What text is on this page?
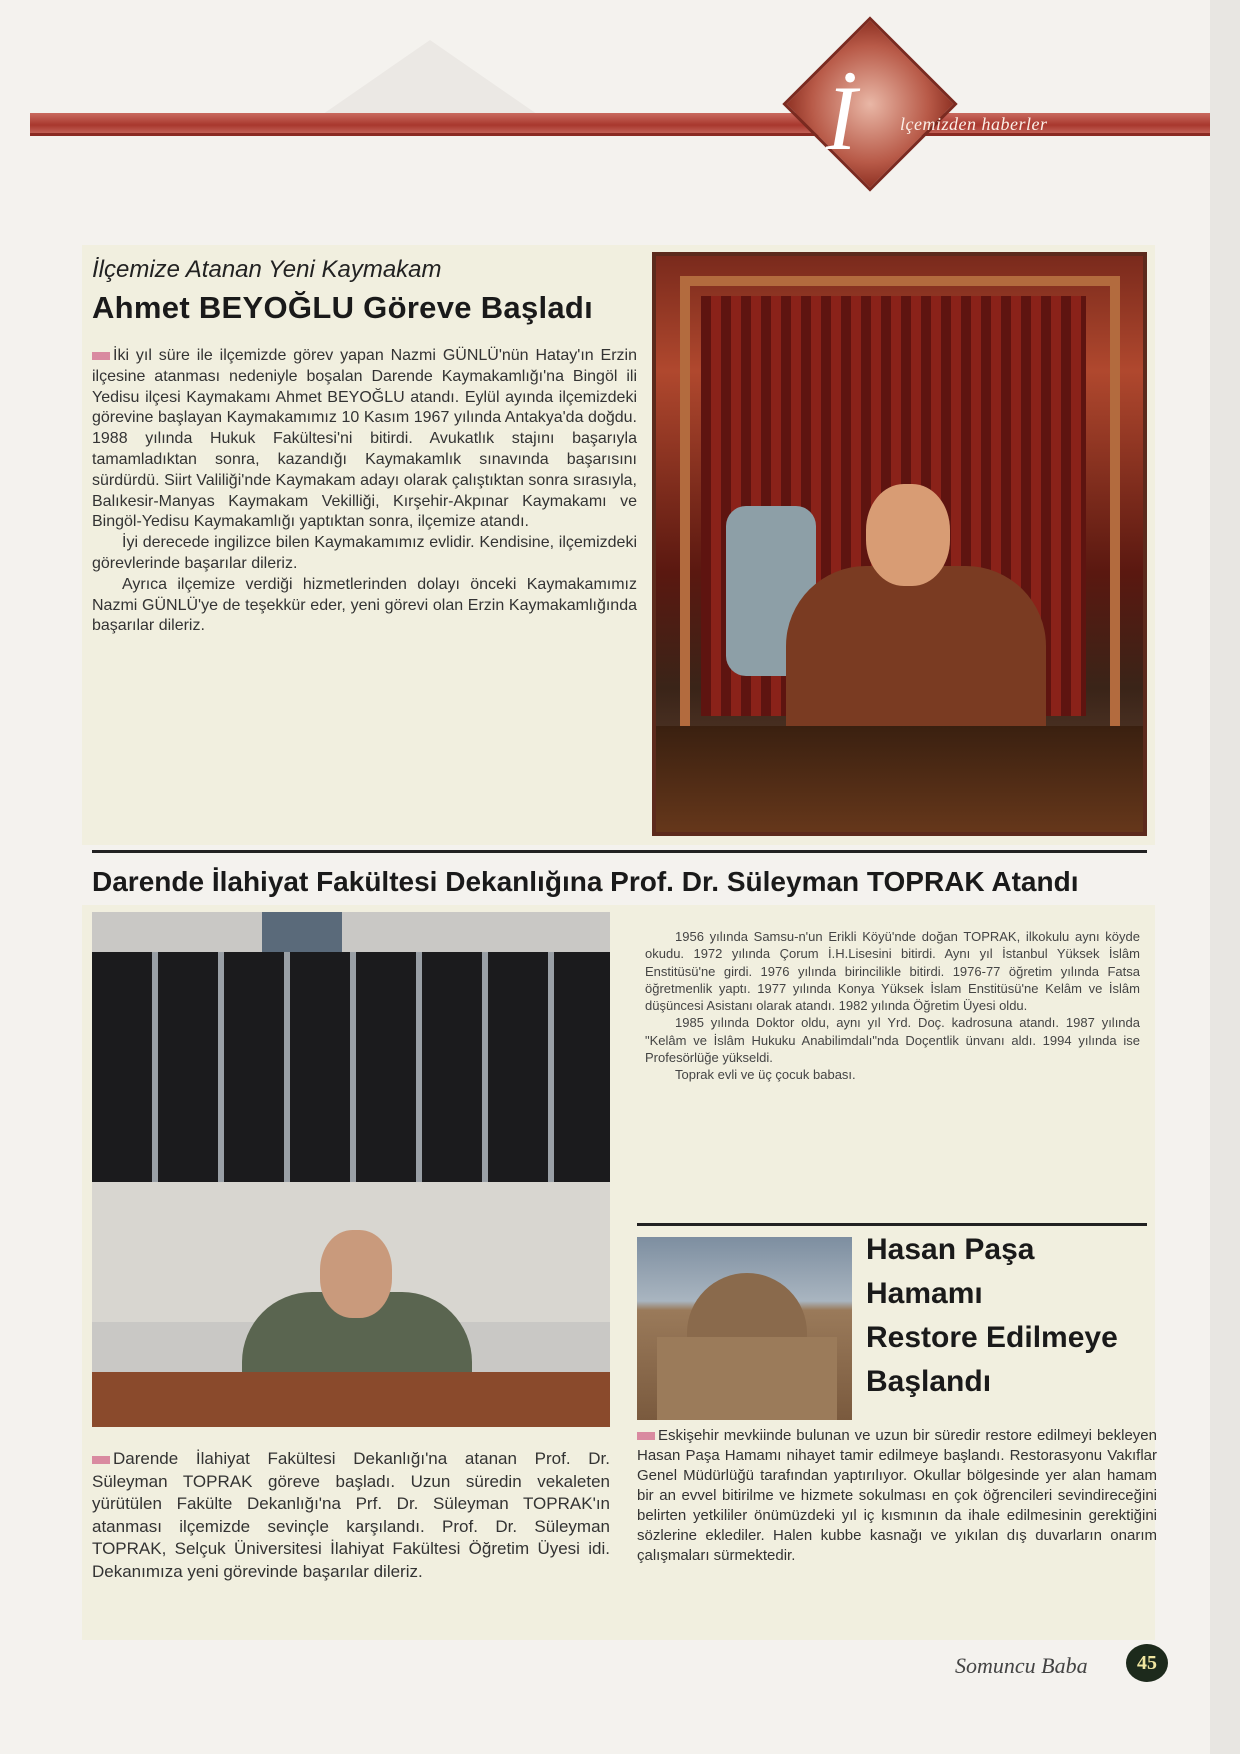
İ lçemizden haberler
İlçemize Atanan Yeni Kaymakam
Ahmet BEYOĞLU Göreve Başladı

İki yıl süre ile ilçemizde görev yapan Nazmi GÜNLÜ'nün Hatay'ın Erzin ilçesine atanması nedeniyle boşalan Darende Kaymakamlığı'na Bingöl ili Yedisu ilçesi Kaymakamı Ahmet BEYOĞLU atandı. Eylül ayında ilçemizdeki görevine başlayan Kaymakamımız 10 Kasım 1967 yılında Antakya'da doğdu. 1988 yılında Hukuk Fakültesi'ni bitirdi. Avukatlık stajını başarıyla tamamladıktan sonra, kazandığı Kaymakamlık sınavında başarısını sürdürdü. Siirt Valiliği'nde Kaymakam adayı olarak çalıştıktan sonra sırasıyla, Balıkesir-Manyas Kaymakam Vekilliği, Kırşehir-Akpınar Kaymakamı ve Bingöl-Yedisu Kaymakamlığı yaptıktan sonra, ilçemize atandı.

İyi derecede ingilizce bilen Kaymakamımız evlidir. Kendisine, ilçemizdeki görevlerinde başarılar dileriz.

Ayrıca ilçemize verdiği hizmetlerinden dolayı önceki Kaymakamımız Nazmi GÜNLÜ'ye de teşekkür eder, yeni görevi olan Erzin Kaymakamlığında başarılar dileriz.

Darende İlahiyat Fakültesi Dekanlığına Prof. Dr. Süleyman TOPRAK Atandı

1956 yılında Samsu-n'un Erikli Köyü'nde doğan TOPRAK, ilkokulu aynı köyde okudu. 1972 yılında Çorum İ.H.Lisesini bitirdi. Aynı yıl İstanbul Yüksek İslâm Enstitüsü'ne girdi. 1976 yılında birincilikle bitirdi. 1976-77 öğretim yılında Fatsa öğretmenlik yaptı. 1977 yılında Konya Yüksek İslam Enstitüsü'ne Kelâm ve İslâm düşüncesi Asistanı olarak atandı. 1982 yılında Öğretim Üyesi oldu.

1985 yılında Doktor oldu, aynı yıl Yrd. Doç. kadrosuna atandı. 1987 yılında "Kelâm ve İslâm Hukuku Anabilimdalı"nda Doçentlik ünvanı aldı. 1994 yılında ise Profesörlüğe yükseldi.

Toprak evli ve üç çocuk babası.

Darende İlahiyat Fakültesi Dekanlığı'na atanan Prof. Dr. Süleyman TOPRAK göreve başladı. Uzun süredin vekaleten yürütülen Fakülte Dekanlığı'na Prf. Dr. Süleyman TOPRAK'ın atanması ilçemizde sevinçle karşılandı. Prof. Dr. Süleyman TOPRAK, Selçuk Üniversitesi İlahiyat Fakültesi Öğretim Üyesi idi. Dekanımıza yeni görevinde başarılar dileriz.

Hasan Paşa
Hamamı
Restore Edilmeye
Başlandı

Eskişehir mevkiinde bulunan ve uzun bir süredir restore edilmeyi bekleyen Hasan Paşa Hamamı nihayet tamir edilmeye başlandı. Restorasyonu Vakıflar Genel Müdürlüğü tarafından yaptırılıyor. Okullar bölgesinde yer alan hamam bir an evvel bitirilme ve hizmete sokulması en çok öğrencileri sevindireceğini belirten yetkililer önümüzdeki yıl iç kısmının da ihale edilmesinin gerektiğini sözlerine eklediler. Halen kubbe kasnağı ve yıkılan dış duvarların onarım çalışmaları sürmektedir.

Somuncu Baba	45
